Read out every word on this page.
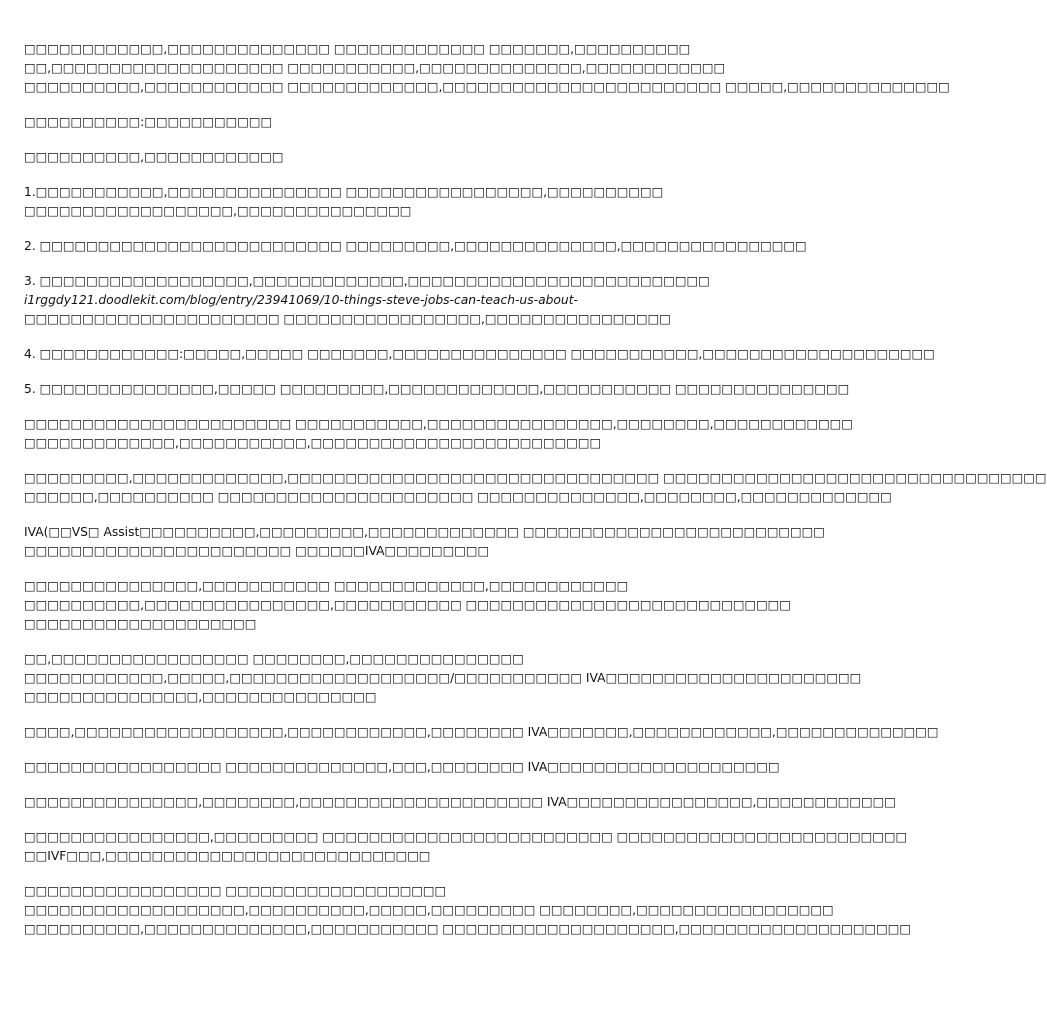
□□□□□□□□□□□□,□□□□□□□□□□□□□□ □□□□□□□□□□□□□ □□□□□□□,□□□□□□□□□□
□□,□□□□□□□□□□□□□□□□□□□□ □□□□□□□□□□□,□□□□□□□□□□□□□□,□□□□□□□□□□□□
□□□□□□□□□□,□□□□□□□□□□□□ □□□□□□□□□□□□□,□□□□□□□□□□□□□□□□□□□□□□□□ □□□□□,□□□□□□□□□□□□□□

□□□□□□□□□□:□□□□□□□□□□□

□□□□□□□□□□,□□□□□□□□□□□□

1.□□□□□□□□□□□,□□□□□□□□□□□□□□□ □□□□□□□□□□□□□□□□□,□□□□□□□□□□
□□□□□□□□□□□□□□□□□□,□□□□□□□□□□□□□□□

2. □□□□□□□□□□□□□□□□□□□□□□□□□□ □□□□□□□□□,□□□□□□□□□□□□□□,□□□□□□□□□□□□□□□□

3. □□□□□□□□□□□□□□□□□□,□□□□□□□□□□□□□,□□□□□□□□□□□□□□□□□□□□□□□□□□
i1rggdy121.doodlekit.com/blog/entry/23941069/10-things-steve-jobs-can-teach-us-about-
□□□□□□□□□□□□□□□□□□□□□□ □□□□□□□□□□□□□□□□□,□□□□□□□□□□□□□□□□

4. □□□□□□□□□□□□:□□□□□,□□□□□ □□□□□□□,□□□□□□□□□□□□□□□ □□□□□□□□□□□,□□□□□□□□□□□□□□□□□□□□

5. □□□□□□□□□□□□□□□,□□□□□ □□□□□□□□□,□□□□□□□□□□□□□,□□□□□□□□□□□ □□□□□□□□□□□□□□□

□□□□□□□□□□□□□□□□□□□□□□□ □□□□□□□□□□□,□□□□□□□□□□□□□□□□,□□□□□□□□,□□□□□□□□□□□□
□□□□□□□□□□□□□,□□□□□□□□□□□,□□□□□□□□□□□□□□□□□□□□□□□□□

□□□□□□□□□,□□□□□□□□□□□□□,□□□□□□□□□□□□□□□□□□□□□□□□□□□□□□□□ □□□□□□□□□□□□□□□□□□□□□□□□□□□□□□□□□
□□□□□□,□□□□□□□□□□ □□□□□□□□□□□□□□□□□□□□□□ □□□□□□□□□□□□□□,□□□□□□□□,□□□□□□□□□□□□□

IVA(□□VS□ Assist□□□□□□□□□□,□□□□□□□□□,□□□□□□□□□□□□□ □□□□□□□□□□□□□□□□□□□□□□□□□□
□□□□□□□□□□□□□□□□□□□□□□□ □□□□□□IVA□□□□□□□□□

□□□□□□□□□□□□□□□,□□□□□□□□□□□ □□□□□□□□□□□□□,□□□□□□□□□□□□
□□□□□□□□□□,□□□□□□□□□□□□□□□□,□□□□□□□□□□□ □□□□□□□□□□□□□□□□□□□□□□□□□□□□
□□□□□□□□□□□□□□□□□□□□

□□,□□□□□□□□□□□□□□□□□ □□□□□□□□,□□□□□□□□□□□□□□□
□□□□□□□□□□□□,□□□□□,□□□□□□□□□□□□□□□□□□□/□□□□□□□□□□□ IVA□□□□□□□□□□□□□□□□□□□□□□
□□□□□□□□□□□□□□□,□□□□□□□□□□□□□□□

□□□□,□□□□□□□□□□□□□□□□□□,□□□□□□□□□□□□,□□□□□□□□ IVA□□□□□□□,□□□□□□□□□□□□,□□□□□□□□□□□□□□

□□□□□□□□□□□□□□□□□ □□□□□□□□□□□□□□,□□□,□□□□□□□□ IVA□□□□□□□□□□□□□□□□□□□□

□□□□□□□□□□□□□□□,□□□□□□□□,□□□□□□□□□□□□□□□□□□□□□ IVA□□□□□□□□□□□□□□□□,□□□□□□□□□□□□

□□□□□□□□□□□□□□□□,□□□□□□□□□ □□□□□□□□□□□□□□□□□□□□□□□□□ □□□□□□□□□□□□□□□□□□□□□□□□□
□□IVF□□□,□□□□□□□□□□□□□□□□□□□□□□□□□□□□

□□□□□□□□□□□□□□□□□ □□□□□□□□□□□□□□□□□□□
□□□□□□□□□□□□□□□□□□□,□□□□□□□□□□,□□□□□,□□□□□□□□□ □□□□□□□□,□□□□□□□□□□□□□□□□□
□□□□□□□□□□,□□□□□□□□□□□□□□,□□□□□□□□□□□ □□□□□□□□□□□□□□□□□□□□,□□□□□□□□□□□□□□□□□□□□
